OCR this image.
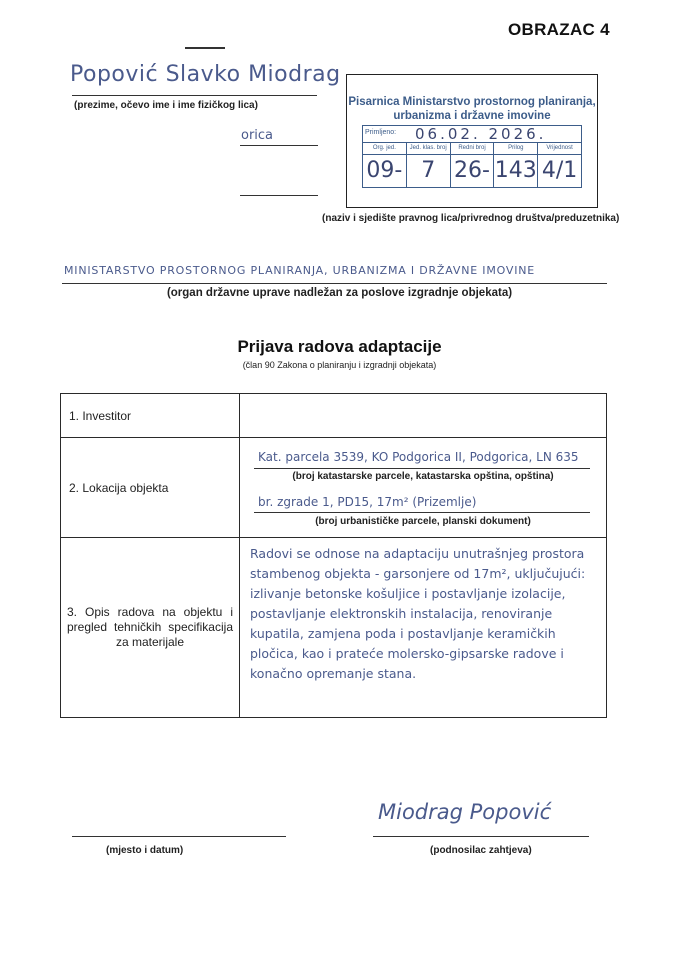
OBRAZAC 4
Popović Slavko Miodrag
(prezime, očevo ime i ime fizičkog lica)
orica
Pisarnica Ministarstvo prostornog planiranja,
urbanizma i državne imovine
Primljeno:	06.02. 2026.
Org. jed.	Jed. klas. broj	Redni broj	Prilog	Vrijednost
09- 7 26- 143 4/1
(naziv i sjedište pravnog lica/privrednog društva/preduzetnika)
MINISTARSTVO PROSTORNOG PLANIRANJA, URBANIZMA I DRŽAVNE IMOVINE
(organ državne uprave nadležan za poslove izgradnje objekata)
Prijava radova adaptacije
(član 90 Zakona o planiranju i izgradnji objekata)
1. Investitor	
2. Lokacija objekta	Kat. parcela 3539, KO Podgorica II, Podgorica, LN 635
(broj katastarske parcele, katastarska opština, opština)
br. zgrade 1, PD15, 17m² (Prizemlje)
(broj urbanističke parcele, planski dokument)

3. Opis radova na objektu i pregled tehničkih specifikacija za materijale	Radovi se odnose na adaptaciju unutrašnjeg prostora stambenog objekta - garsonjere od 17m², uključujući: izlivanje betonske košuljice i postavljanje izolacije, postavljanje elektronskih instalacija, renoviranje kupatila, zamjena poda i postavljanje keramičkih pločica, kao i prateće molersko-gipsarske radove i konačno opremanje stana.
(mjesto i datum)
Miodrag Popović
(podnosilac zahtjeva)
